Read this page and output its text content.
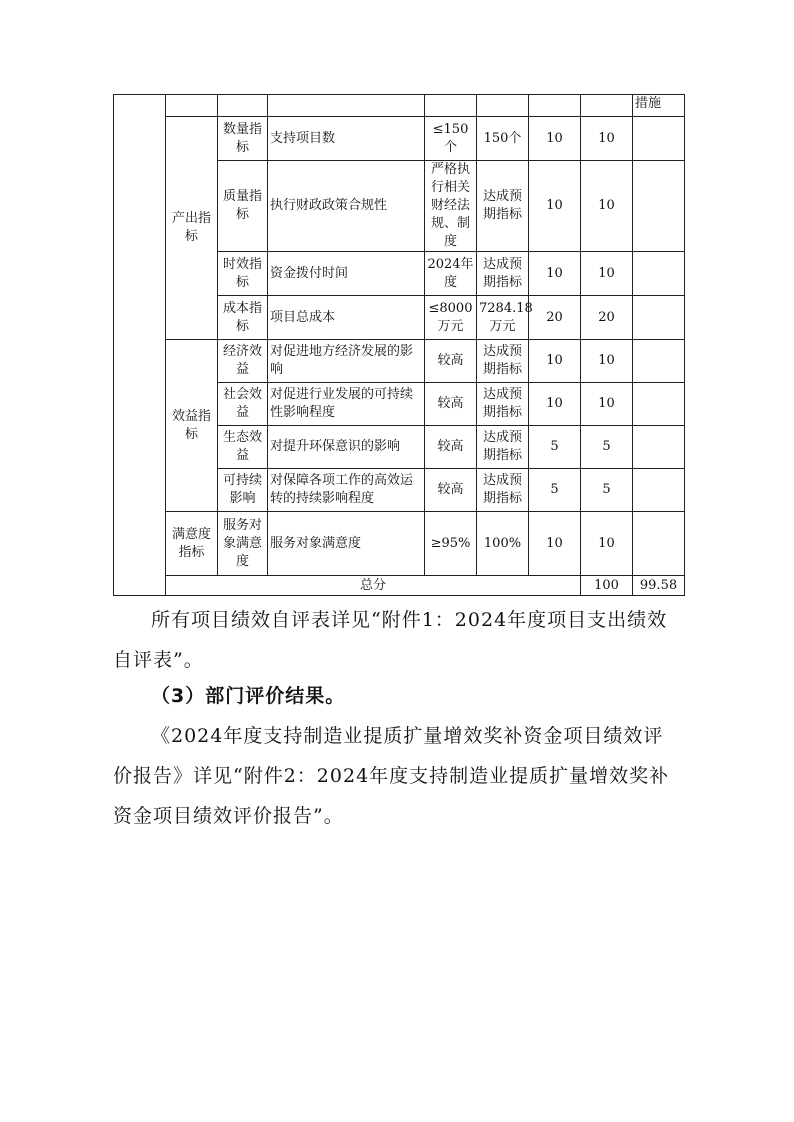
								措施	
	产出指标	数量指标	支持项目数	≤150个	150个	10	10		
		质量指标	执行财政政策合规性	严格执行相关财经法规、制度	达成预期指标	10	10		
		时效指标	资金拨付时间	2024年度	达成预期指标	10	10		
		成本指标	项目总成本	≤8000万元	7284.18万元	20	20		
	效益指标	经济效益	对促进地方经济发展的影响	较高	达成预期指标	10	10		
		社会效益	对促进行业发展的可持续性影响程度	较高	达成预期指标	10	10		
		生态效益	对提升环保意识的影响	较高	达成预期指标	5	5		
		可持续影响	对保障各项工作的高效运转的持续影响程度	较高	达成预期指标	5	5		
	满意度指标	服务对象满意度	服务对象满意度	≥95%	100%	10	10		
	总分						100	99.58	

所有项目绩效自评表详见“附件1：2024年度项目支出绩效自评表”。

（3）部门评价结果。

《2024年度支持制造业提质扩量增效奖补资金项目绩效评价报告》详见“附件2：2024年度支持制造业提质扩量增效奖补资金项目绩效评价报告”。
